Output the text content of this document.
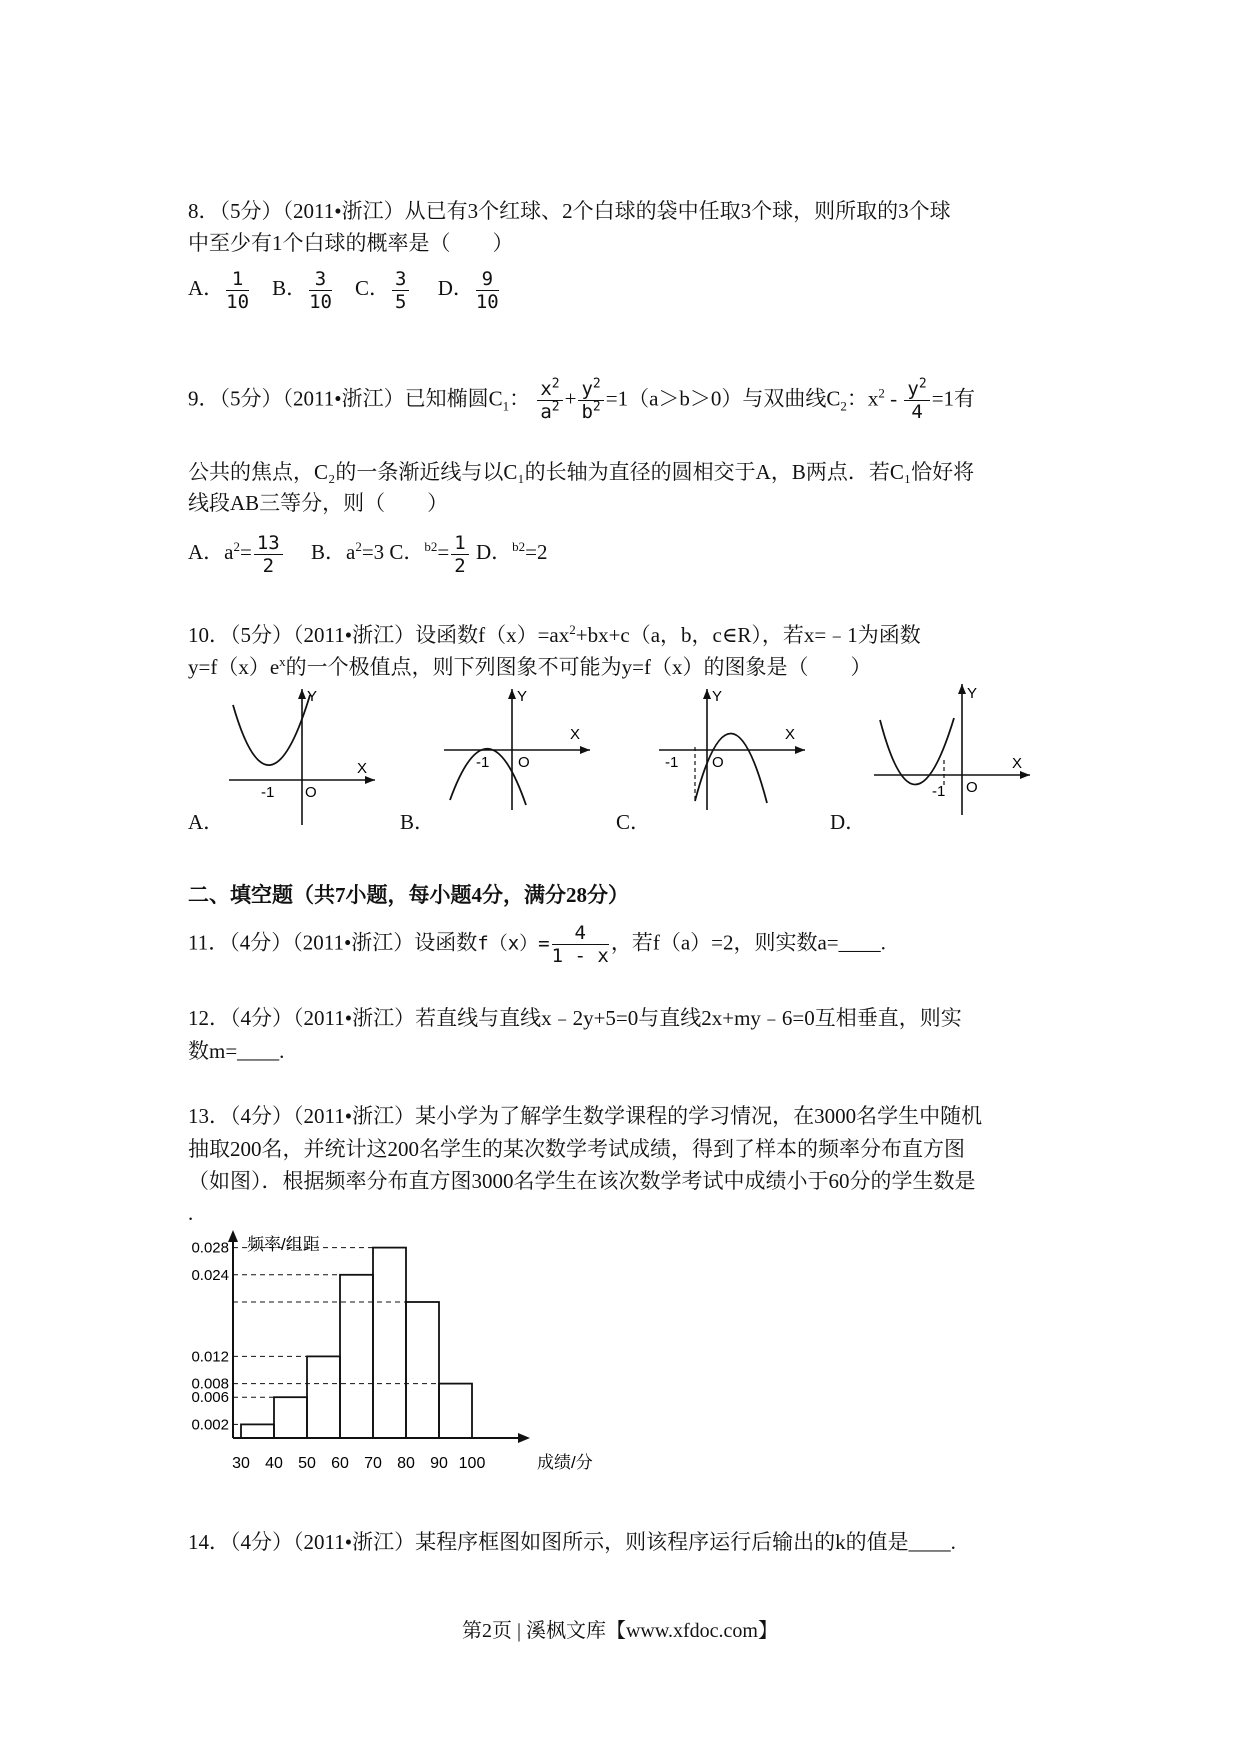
8．（5分）（2011•浙江）从已有3个红球、2个白球的袋中任取3个球，则所取的3个球
中至少有1个白球的概率是（　　）
A． $\frac{1}{10}$ B． $\frac{3}{10}$ C． $\frac{3}{5}$ D． $\frac{9}{10}$
9．（5分）（2011•浙江）已知椭圆$C_1$： $\frac{x^2}{a^2} + \frac{y^2}{b^2} =1(a>b>0)$与双曲线$C_2$：$x^2 - \frac{y^2}{4} =1$有
公共的焦点，C₂的一条渐近线与以C₁的长轴为直径的圆相交于A，B两点．若C₁恰好将
线段AB三等分，则（　　）
A．$a^2= \frac{13}{2}$ B．$a^2=3$ C．$^{b2}= \frac{1}{2}$ D．$^{b2}$=2
10．（5分）（2011•浙江）设函数$f(x)=ax^2+bx+c(a$，b，c∈R），若x=﹣1为函数
$y=f(x)e^x$的一个极值点，则下列图象不可能为y=f（x）的图象是（　　）
A．
X
Y
O
-1
B．
X
Y
O
-1
C．
X
Y
O
-1
D．
X
Y
O
-1
二、填空题（共7小题，每小题4分，满分28分）
11．（4分）（2011•浙江）设函数$f(x)= \frac{4}{1 - x}$ ，若f（a）=2，则实数a=____.
12．（4分）（2011•浙江）若直线与直线x﹣2y+5=0与直线2x+my﹣6=0互相垂直，则实
数m=____.
13．（4分）（2011•浙江）某小学为了解学生数学课程的学习情况，在3000名学生中随机
抽取200名，并统计这200名学生的某次数学考试成绩，得到了样本的频率分布直方图
（如图）．根据频率分布直方图3000名学生在该次数学考试中成绩小于60分的学生数是
.
频率/组距
成绩/分
0.002
0.006
0.008
0.012
0.024
0.028
30 40 50 60 70 80 90 100
14．（4分）（2011•浙江）某程序框图如图所示，则该程序运行后输出的k的值是____.
第2页 | 溪枫文库【www.xfdoc.com】
